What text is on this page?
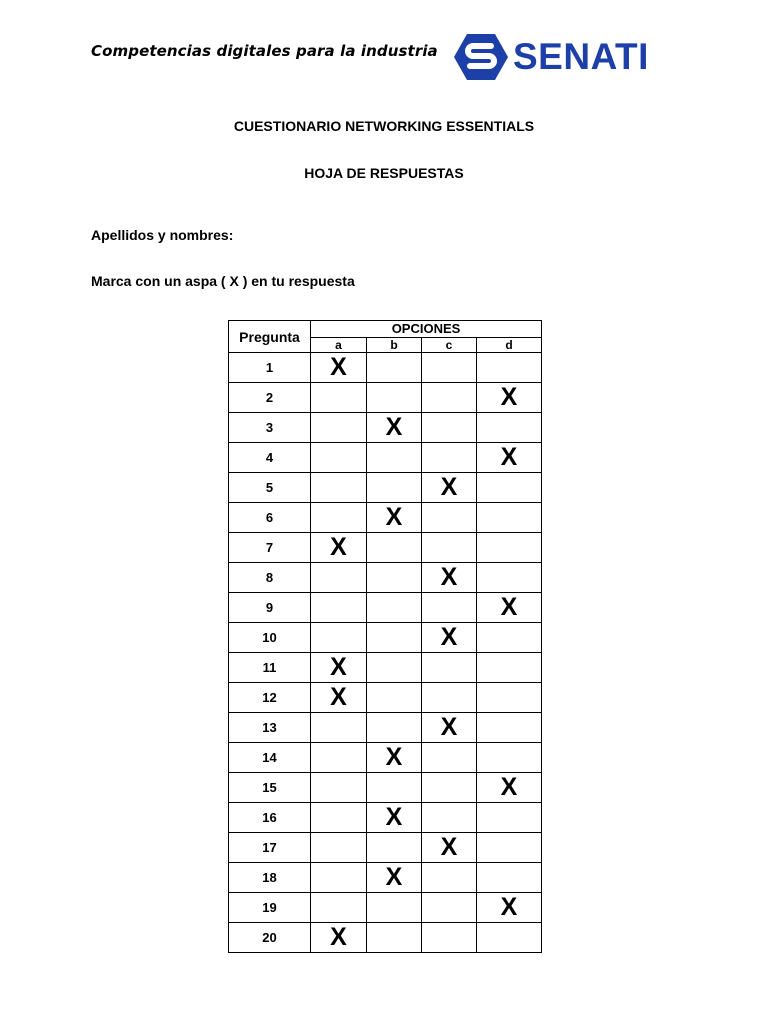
Competencias digitales para la industria SENATI
CUESTIONARIO NETWORKING ESSENTIALS
HOJA DE RESPUESTAS
Apellidos y nombres:
Marca con un aspa ( X ) en tu respuesta
Pregunta	OPCIONES			
	a	b	c	d
1	X			
2				X
3		X		
4				X
5			X	
6		X		
7	X			
8			X	
9				X
10			X	
11	X			
12	X			
13			X	
14		X		
15				X
16		X		
17			X	
18		X		
19				X
20	X			
